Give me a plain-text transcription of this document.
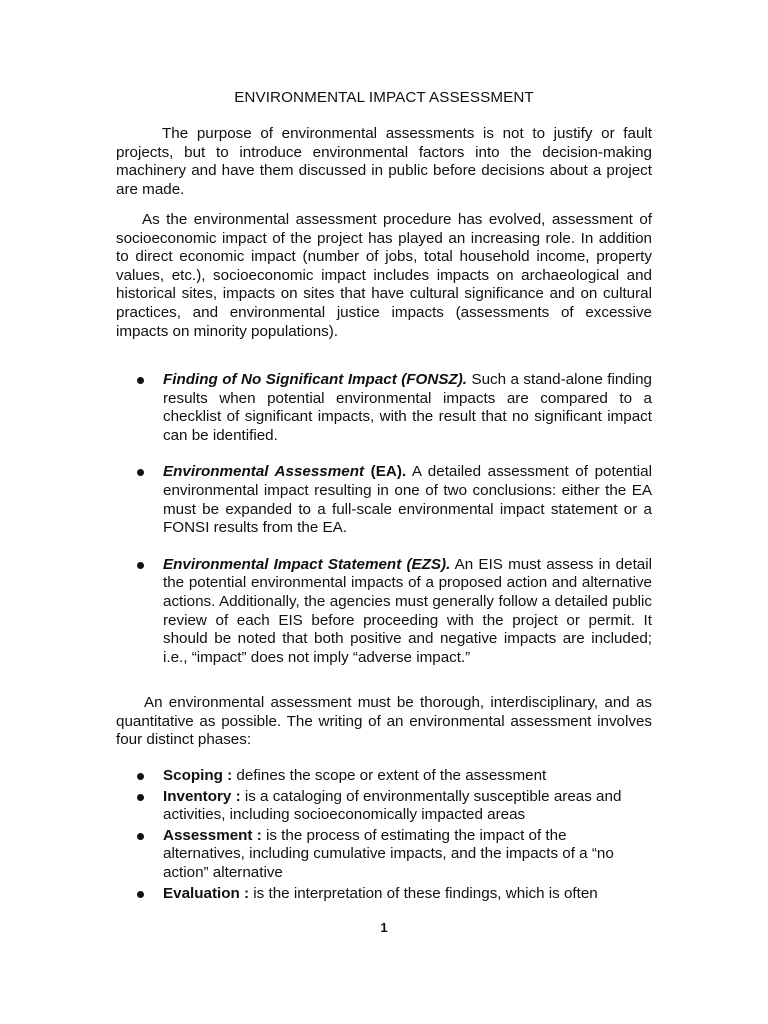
ENVIRONMENTAL IMPACT ASSESSMENT

The purpose of environmental assessments is not to justify or fault projects, but to introduce environmental factors into the decision-making machinery and have them discussed in public before decisions about a project are made.

As the environmental assessment procedure has evolved, assessment of socioeconomic impact of the project has played an increasing role. In addition to direct economic impact (number of jobs, total household income, property values, etc.), socioeconomic impact includes impacts on archaeological and historical sites, impacts on sites that have cultural significance and on cultural practices, and environmental justice impacts (assessments of excessive impacts on minority populations).

Finding of No Significant Impact (FONSZ). Such a stand-alone finding results when potential environmental impacts are compared to a checklist of significant impacts, with the result that no significant impact can be identified.
Environmental Assessment (EA). A detailed assessment of potential environmental impact resulting in one of two conclusions: either the EA must be expanded to a full-scale environmental impact statement or a FONSI results from the EA.
Environmental Impact Statement (EZS). An EIS must assess in detail the potential environmental impacts of a proposed action and alternative actions. Additionally, the agencies must generally follow a detailed public review of each EIS before proceeding with the project or permit. It should be noted that both positive and negative impacts are included; i.e., “impact” does not imply “adverse impact.”

An environmental assessment must be thorough, interdisciplinary, and as quantitative as possible. The writing of an environmental assessment involves four distinct phases:

Scoping : defines the scope or extent of the assessment
Inventory : is a cataloging of environmentally susceptible areas and activities, including socioeconomically impacted areas
Assessment : is the process of estimating the impact of the alternatives, including cumulative impacts, and the impacts of a “no action” alternative
Evaluation : is the interpretation of these findings, which is often
1
